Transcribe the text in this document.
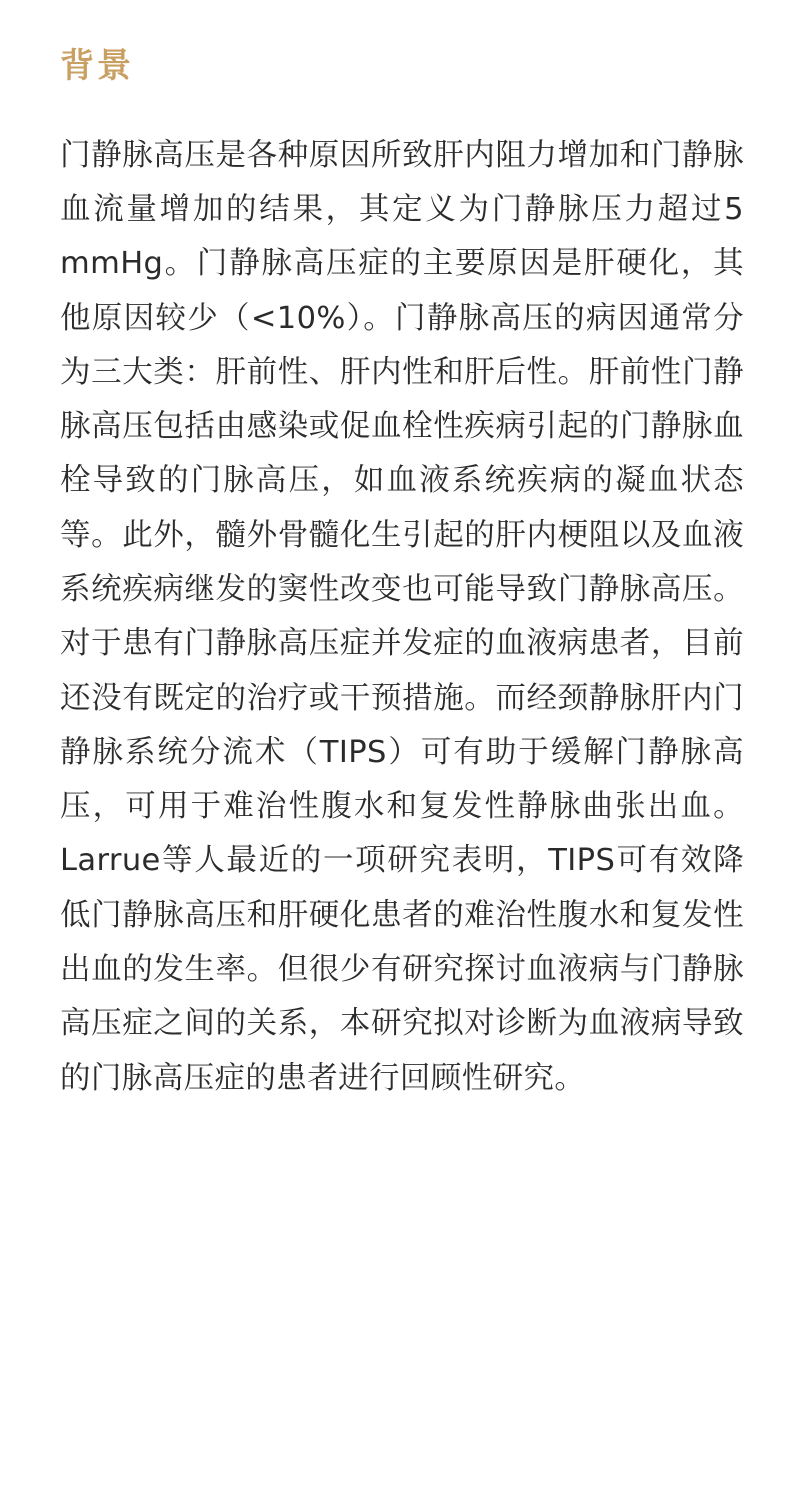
背景

门静脉高压是各种原因所致肝内阻力增加和门静脉血流量增加的结果，其定义为门静脉压力超过5 mmHg。门静脉高压症的主要原因是肝硬化，其他原因较少（<10%）。门静脉高压的病因通常分为三大类：肝前性、肝内性和肝后性。肝前性门静脉高压包括由感染或促血栓性疾病引起的门静脉血栓导致的门脉高压，如血液系统疾病的凝血状态等。此外，髓外骨髓化生引起的肝内梗阻以及血液系统疾病继发的窦性改变也可能导致门静脉高压。对于患有门静脉高压症并发症的血液病患者，目前还没有既定的治疗或干预措施。而经颈静脉肝内门静脉系统分流术（TIPS）可有助于缓解门静脉高压，可用于难治性腹水和复发性静脉曲张出血。Larrue等人最近的一项研究表明，TIPS可有效降低门静脉高压和肝硬化患者的难治性腹水和复发性出血的发生率。但很少有研究探讨血液病与门静脉高压症之间的关系，本研究拟对诊断为血液病导致的门脉高压症的患者进行回顾性研究。
